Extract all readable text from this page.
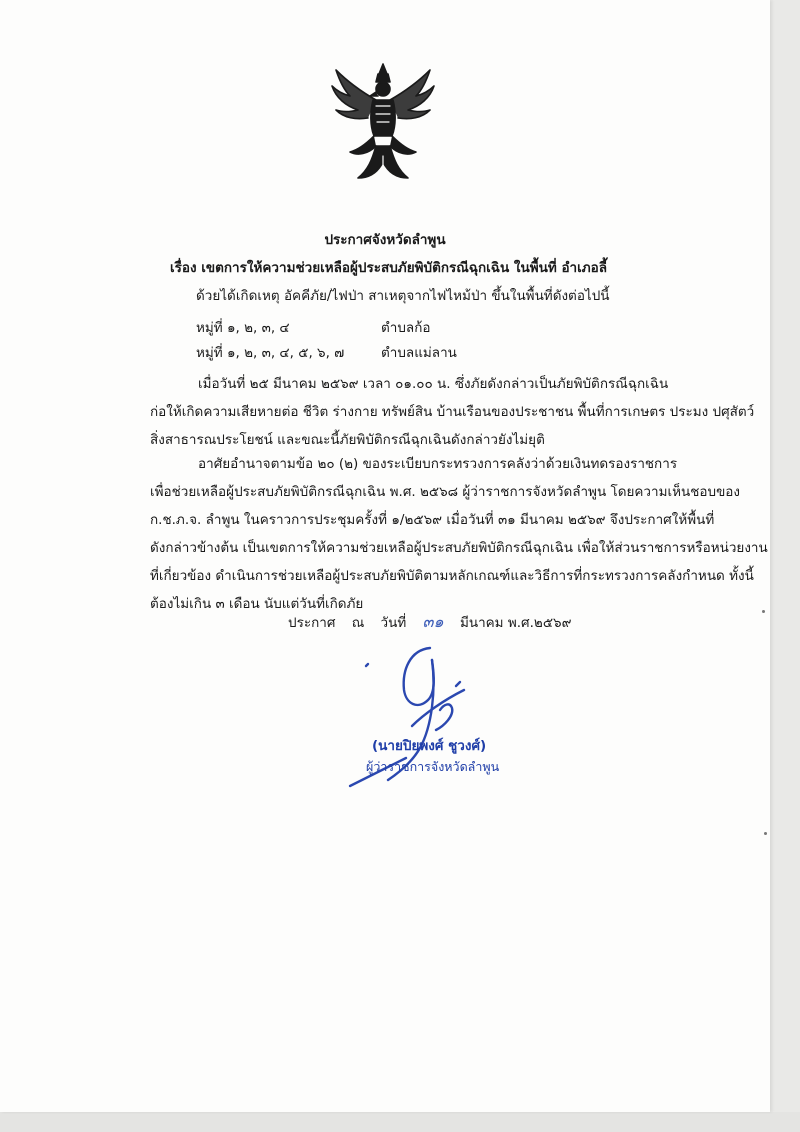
ประกาศจังหวัดลำพูน
เรื่อง เขตการให้ความช่วยเหลือผู้ประสบภัยพิบัติกรณีฉุกเฉิน ในพื้นที่ อำเภอลี้
ด้วยได้เกิดเหตุ อัคคีภัย/ไฟป่า สาเหตุจากไฟไหม้ป่า ขึ้นในพื้นที่ดังต่อไปนี้
หมู่ที่ ๑, ๒, ๓, ๔	ตำบลก้อ
หมู่ที่ ๑, ๒, ๓, ๔, ๕, ๖, ๗	ตำบลแม่ลาน
เมื่อวันที่ ๒๕ มีนาคม ๒๕๖๙ เวลา ๐๑.๐๐ น. ซึ่งภัยดังกล่าวเป็นภัยพิบัติกรณีฉุกเฉิน
ก่อให้เกิดความเสียหายต่อ ชีวิต ร่างกาย ทรัพย์สิน บ้านเรือนของประชาชน พื้นที่การเกษตร ประมง ปศุสัตว์
สิ่งสาธารณประโยชน์ และขณะนี้ภัยพิบัติกรณีฉุกเฉินดังกล่าวยังไม่ยุติ
อาศัยอำนาจตามข้อ ๒๐ (๒) ของระเบียบกระทรวงการคลังว่าด้วยเงินทดรองราชการ
เพื่อช่วยเหลือผู้ประสบภัยพิบัติกรณีฉุกเฉิน พ.ศ. ๒๕๖๘ ผู้ว่าราชการจังหวัดลำพูน โดยความเห็นชอบของ
ก.ช.ภ.จ. ลำพูน ในคราวการประชุมครั้งที่ ๑/๒๕๖๙ เมื่อวันที่ ๓๑ มีนาคม ๒๕๖๙ จึงประกาศให้พื้นที่
ดังกล่าวข้างต้น เป็นเขตการให้ความช่วยเหลือผู้ประสบภัยพิบัติกรณีฉุกเฉิน เพื่อให้ส่วนราชการหรือหน่วยงาน
ที่เกี่ยวข้อง ดำเนินการช่วยเหลือผู้ประสบภัยพิบัติตามหลักเกณฑ์และวิธีการที่กระทรวงการคลังกำหนด ทั้งนี้
ต้องไม่เกิน ๓ เดือน นับแต่วันที่เกิดภัย
ประกาศ ณ วันที่ ๓๑ มีนาคม พ.ศ.๒๕๖๙
(นายปิยพงศ์ ชูวงศ์)
ผู้ว่าราชการจังหวัดลำพูน
